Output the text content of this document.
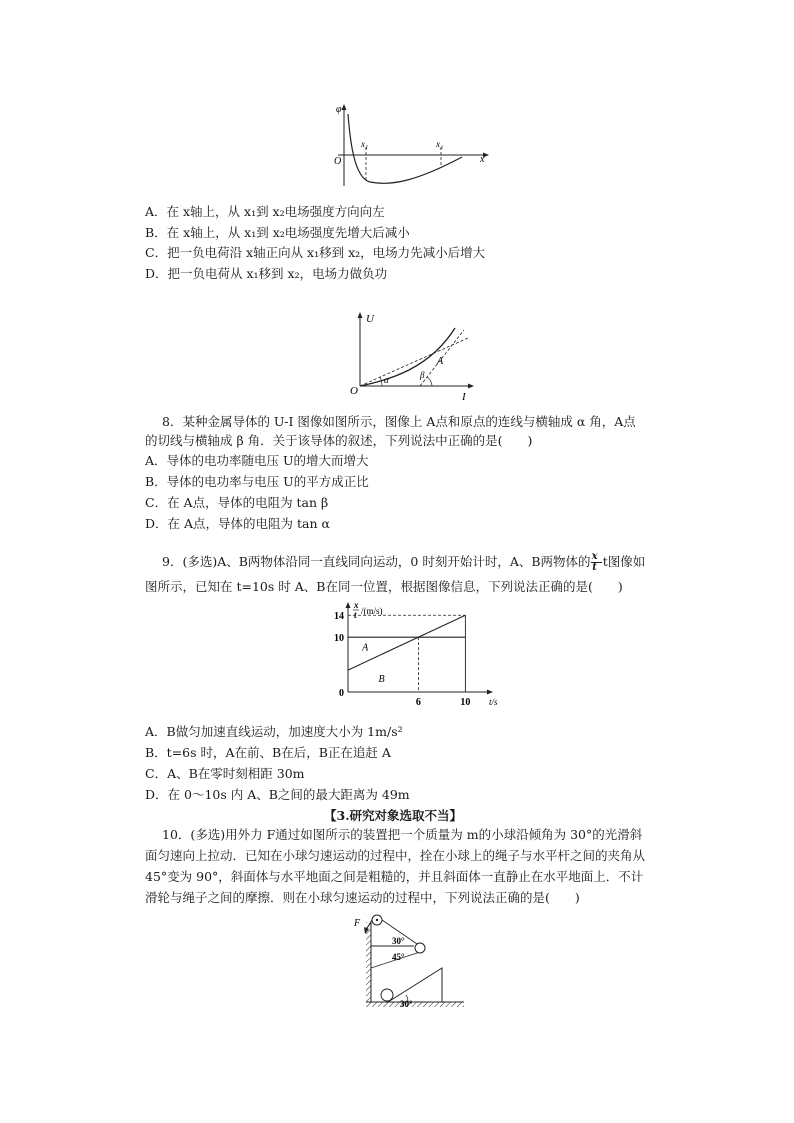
φ
O
x₁	x₂
x
A．在 x轴上，从 x₁到 x₂电场强度方向向左
B．在 x轴上，从 x₁到 x₂电场强度先增大后减小
C．把一负电荷沿 x轴正向从 x₁移到 x₂，电场力先减小后增大
D．把一负电荷从 x₁移到 x₂，电场力做负功
U
O	I
A
α	β
8．某种金属导体的 U-I 图像如图所示，图像上 A点和原点的连线与横轴成 α 角，A点
的切线与横轴成 β 角．关于该导体的叙述，下列说法中正确的是(　　)
A．导体的电功率随电压 U的增大而增大
B．导体的电功率与电压 U的平方成正比
C．在 A点，导体的电阻为 tan β
D．在 A点，导体的电阻为 tan α
9．(多选)A、B两物体沿同一直线同向运动，0 时刻开始计时，A、B两物体的 $\frac{x}{t} -t$图像如
图所示，已知在 t=10s 时 A、B在同一位置，根据图像信息，下列说法正确的是(　　)
A
B
14
10
0
6	10 t/s
x
t /(m/s)
A．B做匀加速直线运动，加速度大小为 1m/s²
B．t=6s 时，A在前、B在后，B正在追赶 A
C．A、B在零时刻相距 30m
D．在 0～10s 内 A、B之间的最大距离为 49m
【3.研究对象选取不当】
10．(多选)用外力 F通过如图所示的装置把一个质量为 m的小球沿倾角为 30°的光滑斜
面匀速向上拉动．已知在小球匀速运动的过程中，拴在小球上的绳子与水平杆之间的夹角从
45°变为 90°，斜面体与水平地面之间是粗糙的，并且斜面体一直静止在水平地面上．不计
滑轮与绳子之间的摩擦．则在小球匀速运动的过程中，下列说法正确的是(　　)
F
30°
45°
30°
